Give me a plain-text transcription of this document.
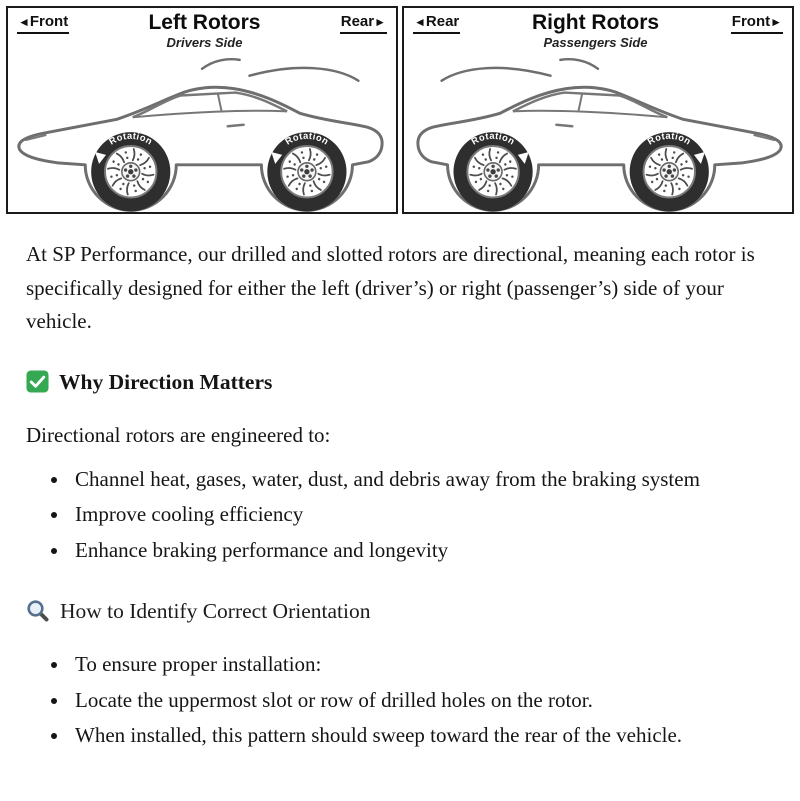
◄Front	Left Rotors
Drivers Side
Rear►
Rotation	Rotation
◄Rear	Right Rotors
Passengers Side
Front►
Rotation	Rotation

At SP Performance, our drilled and slotted rotors are directional, meaning each rotor is specifically designed for either the left (driver’s) or right (passenger’s) side of your vehicle.

Why Direction Matters

Directional rotors are engineered to:

• Channel heat, gases, water, dust, and debris away from the braking system
• Improve cooling efficiency
• Enhance braking performance and longevity
How to Identify Correct Orientation
• To ensure proper installation:
• Locate the uppermost slot or row of drilled holes on the rotor.
• When installed, this pattern should sweep toward the rear of the vehicle.
